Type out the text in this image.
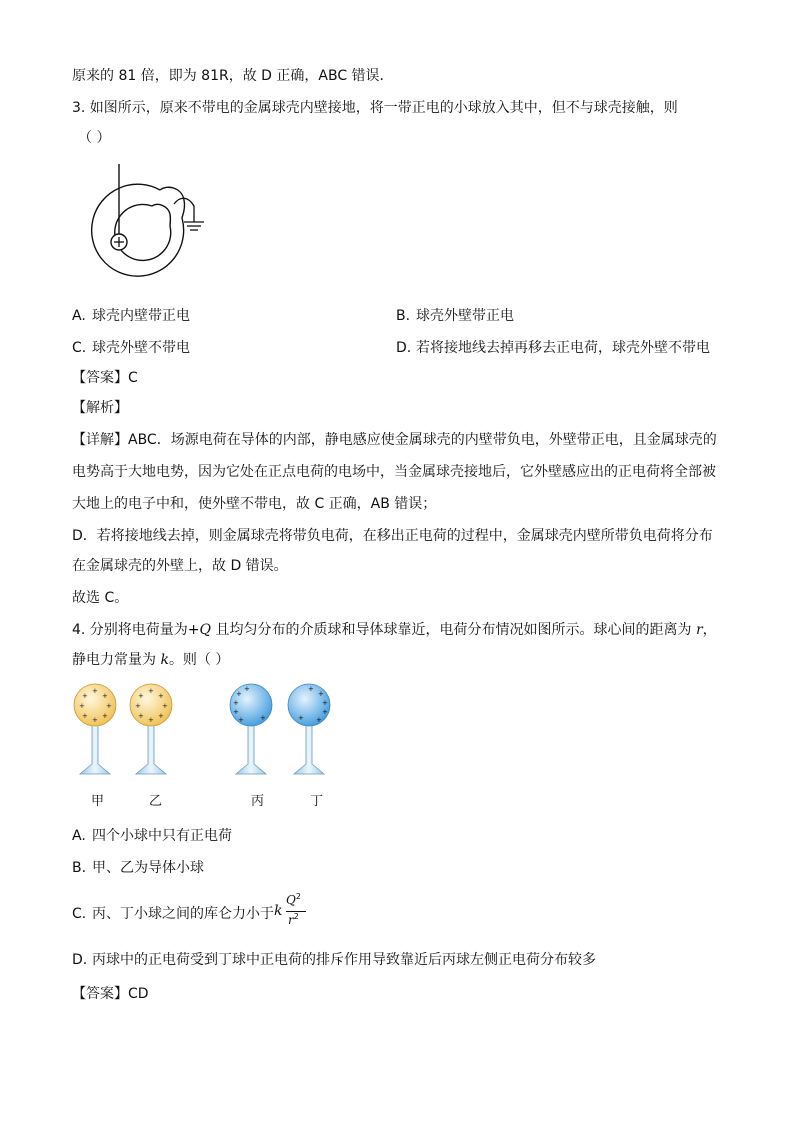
原来的 81 倍，即为 81R，故 D 正确，ABC 错误．
3. 如图所示，原来不带电的金属球壳内壁接地，将一带正电的小球放入其中，但不与球壳接触，则
（ ）
A. 球壳内壁带正电	B. 球壳外壁带正电
C. 球壳外壁不带电	D. 若将接地线去掉再移去正电荷，球壳外壁不带电
【 答案 】 C
【 解析 】
【 详解 】 ABC．场源电荷在导体的内部，静电感应使金属球壳的内壁带负电，外壁带正电，且金属球壳的
电势高于大地电势，因为它处在正点电荷的电场中，当金属球壳接地后，它外壁感应出的正电荷将全部被
大地上的电子中和，使外壁不带电，故 C 正确，AB 错误；
D．若将接地线去掉，则金属球壳将带负电荷，在移出正电荷的过程中，金属球壳内壁所带负电荷将分布
在金属球壳的外壁上，故 D 错误。
故选 C。
4. 分别将电荷量为+Q 且均匀分布的介质球和导体球靠近，电荷分布情况如图所示。球心间的距离为 r，
静电力常量为 k。则（ ）
+
+
+
+	+
+ + +
+
+
+
+	+
+ + +
+
+
+
+
+
+
+
+
+
+
+
+
甲	乙	丙	丁
A. 四个小球中只有正电荷
B. 甲、乙为导体小球
C. 丙、丁小球之间的库仑力小于 k
$Q^2$
$r^2$
D. 丙球中的正电荷受到丁球中正电荷的排斥作用导致靠近后丙球左侧正电荷分布较多
【 答案 】 CD
